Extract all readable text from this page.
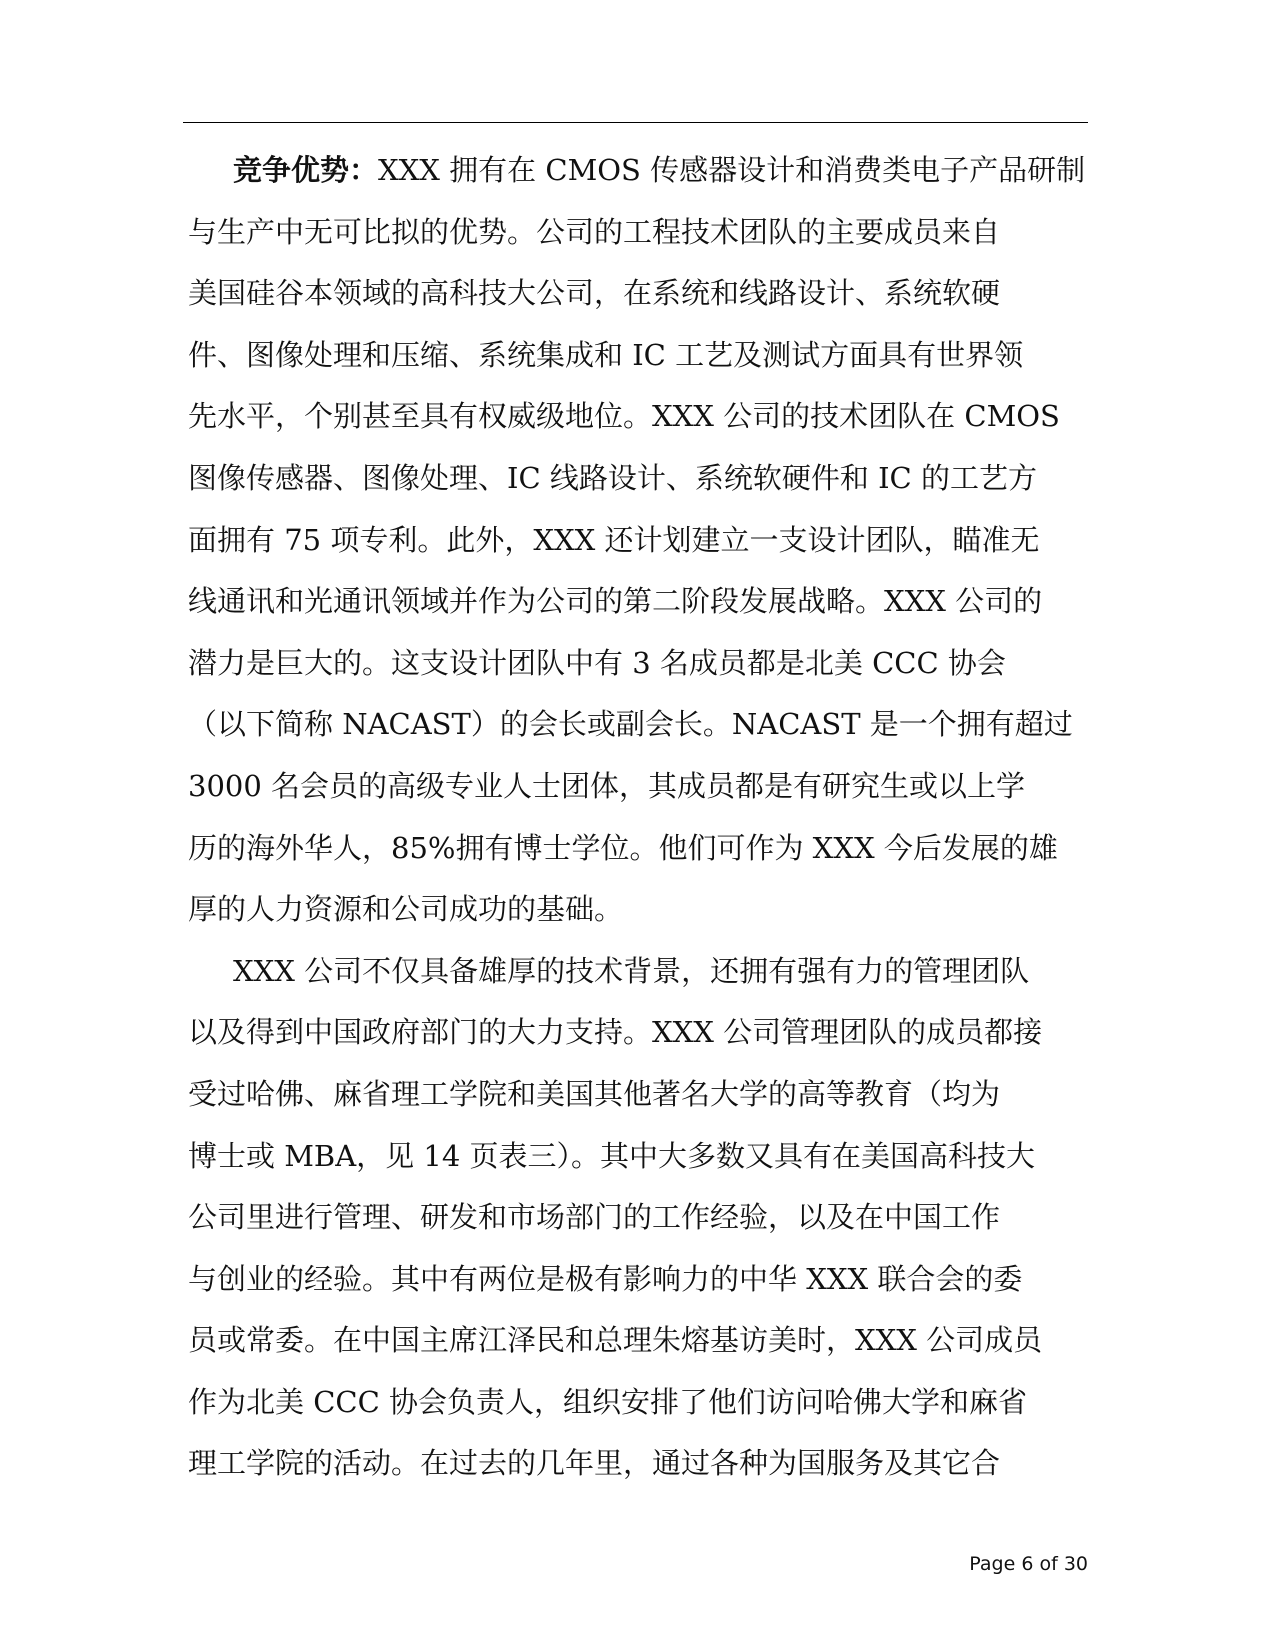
竞争优势：XXX 拥有在 CMOS 传感器设计和消费类电子产品研制
与生产中无可比拟的优势。公司的工程技术团队的主要成员来自
美国硅谷本领域的高科技大公司，在系统和线路设计、系统软硬
件、图像处理和压缩、系统集成和 IC 工艺及测试方面具有世界领
先水平，个别甚至具有权威级地位。XXX 公司的技术团队在 CMOS
图像传感器、图像处理、IC 线路设计、系统软硬件和 IC 的工艺方
面拥有 75 项专利。此外，XXX 还计划建立一支设计团队，瞄准无
线通讯和光通讯领域并作为公司的第二阶段发展战略。XXX 公司的
潜力是巨大的。这支设计团队中有 3 名成员都是北美 CCC 协会
（以下简称 NACAST）的会长或副会长。NACAST 是一个拥有超过
3000 名会员的高级专业人士团体，其成员都是有研究生或以上学
历的海外华人，85%拥有博士学位。他们可作为 XXX 今后发展的雄
厚的人力资源和公司成功的基础。
XXX 公司不仅具备雄厚的技术背景，还拥有强有力的管理团队
以及得到中国政府部门的大力支持。XXX 公司管理团队的成员都接
受过哈佛、麻省理工学院和美国其他著名大学的高等教育（均为
博士或 MBA，见 14 页表三）。其中大多数又具有在美国高科技大
公司里进行管理、研发和市场部门的工作经验，以及在中国工作
与创业的经验。其中有两位是极有影响力的中华 XXX 联合会的委
员或常委。在中国主席江泽民和总理朱熔基访美时，XXX 公司成员
作为北美 CCC 协会负责人，组织安排了他们访问哈佛大学和麻省
理工学院的活动。在过去的几年里，通过各种为国服务及其它合
Page 6 of 30
